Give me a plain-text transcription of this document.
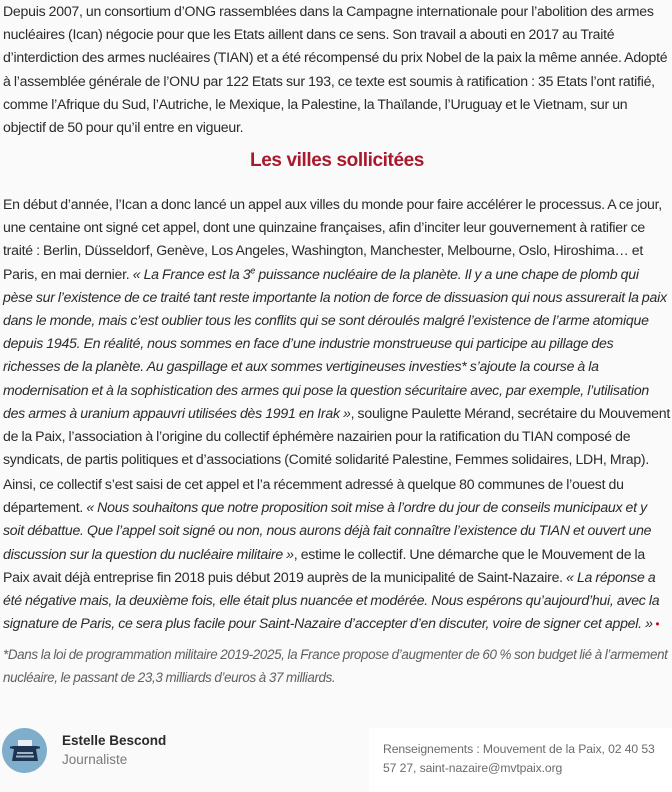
Depuis 2007, un consortium d’ONG rassemblées dans la Campagne internationale pour l’abolition des armes nucléaires (Ican) négocie pour que les Etats aillent dans ce sens. Son travail a abouti en 2017 au Traité d’interdiction des armes nucléaires (TIAN) et a été récompensé du prix Nobel de la paix la même année. Adopté à l’assemblée générale de l’ONU par 122 Etats sur 193, ce texte est soumis à ratification : 35 Etats l’ont ratifié, comme l’Afrique du Sud, l’Autriche, le Mexique, la Palestine, la Thaïlande, l’Uruguay et le Vietnam, sur un objectif de 50 pour qu’il entre en vigueur.

Les villes sollicitées

En début d’année, l’Ican a donc lancé un appel aux villes du monde pour faire accélérer le processus. A ce jour, une centaine ont signé cet appel, dont une quinzaine françaises, afin d’inciter leur gouvernement à ratifier ce traité : Berlin, Düsseldorf, Genève, Los Angeles, Washington, Manchester, Melbourne, Oslo, Hiroshima… et Paris, en mai dernier. « La France est la 3e puissance nucléaire de la planète. Il y a une chape de plomb qui pèse sur l’existence de ce traité tant reste importante la notion de force de dissuasion qui nous assurerait la paix dans le monde, mais c’est oublier tous les conflits qui se sont déroulés malgré l’existence de l’arme atomique depuis 1945. En réalité, nous sommes en face d’une industrie monstrueuse qui participe au pillage des richesses de la planète. Au gaspillage et aux sommes vertigineuses investies* s’ajoute la course à la modernisation et à la sophistication des armes qui pose la question sécuritaire avec, par exemple, l’utilisation des armes à uranium appauvri utilisées dès 1991 en Irak », souligne Paulette Mérand, secrétaire du Mouvement de la Paix, l’association à l’origine du collectif éphémère nazairien pour la ratification du TIAN composé de syndicats, de partis politiques et d’associations (Comité solidarité Palestine, Femmes solidaires, LDH, Mrap).

Ainsi, ce collectif s’est saisi de cet appel et l’a récemment adressé à quelque 80 communes de l’ouest du département. « Nous souhaitons que notre proposition soit mise à l’ordre du jour de conseils municipaux et y soit débattue. Que l’appel soit signé ou non, nous aurons déjà fait connaître l’existence du TIAN et ouvert une discussion sur la question du nucléaire militaire », estime le collectif. Une démarche que le Mouvement de la Paix avait déjà entreprise fin 2018 puis début 2019 auprès de la municipalité de Saint-Nazaire. « La réponse a été négative mais, la deuxième fois, elle était plus nuancée et modérée. Nous espérons qu’aujourd’hui, avec la signature de Paris, ce sera plus facile pour Saint-Nazaire d’accepter d’en discuter, voire de signer cet appel. » •

*Dans la loi de programmation militaire 2019-2025, la France propose d’augmenter de 60 % son budget lié à l’armement nucléaire, le passant de 23,3 milliards d’euros à 37 milliards.

Estelle Bescond
Journaliste
Renseignements : Mouvement de la Paix, 02 40 53 57 27, saint-nazaire@mvtpaix.org
